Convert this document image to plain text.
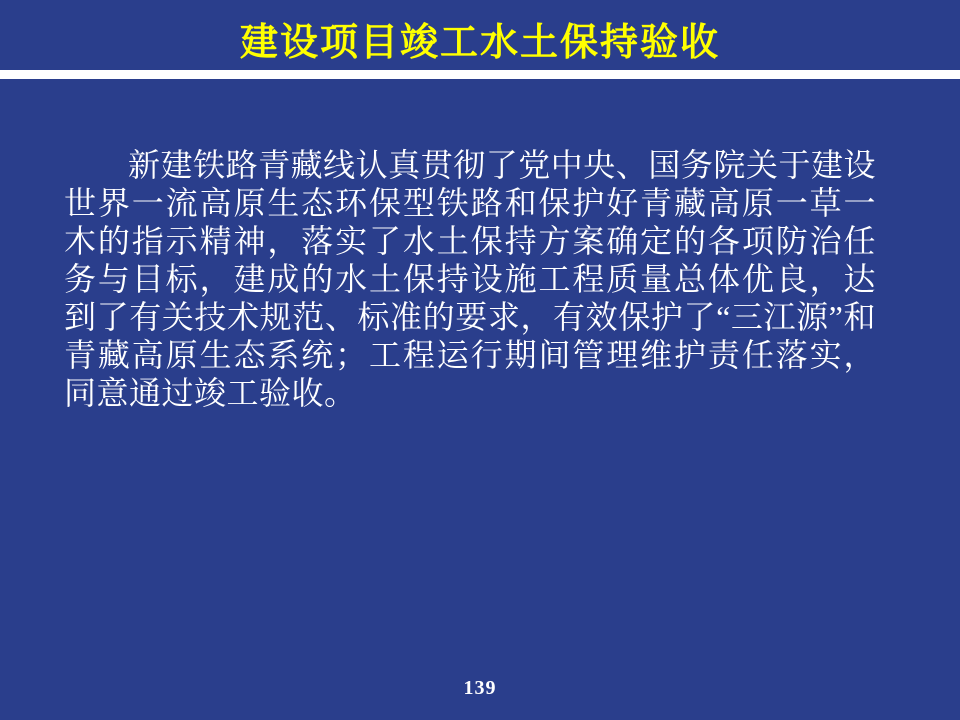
建设项目竣工水土保持验收

新建铁路青藏线认真贯彻了党中央、国务院关于建设世界一流高原生态环保型铁路和保护好青藏高原一草一木的指示精神，落实了水土保持方案确定的各项防治任务与目标，建成的水土保持设施工程质量总体优良，达到了有关技术规范、标准的要求，有效保护了“三江源”和青藏高原生态系统；工程运行期间管理维护责任落实，同意通过竣工验收。

139
